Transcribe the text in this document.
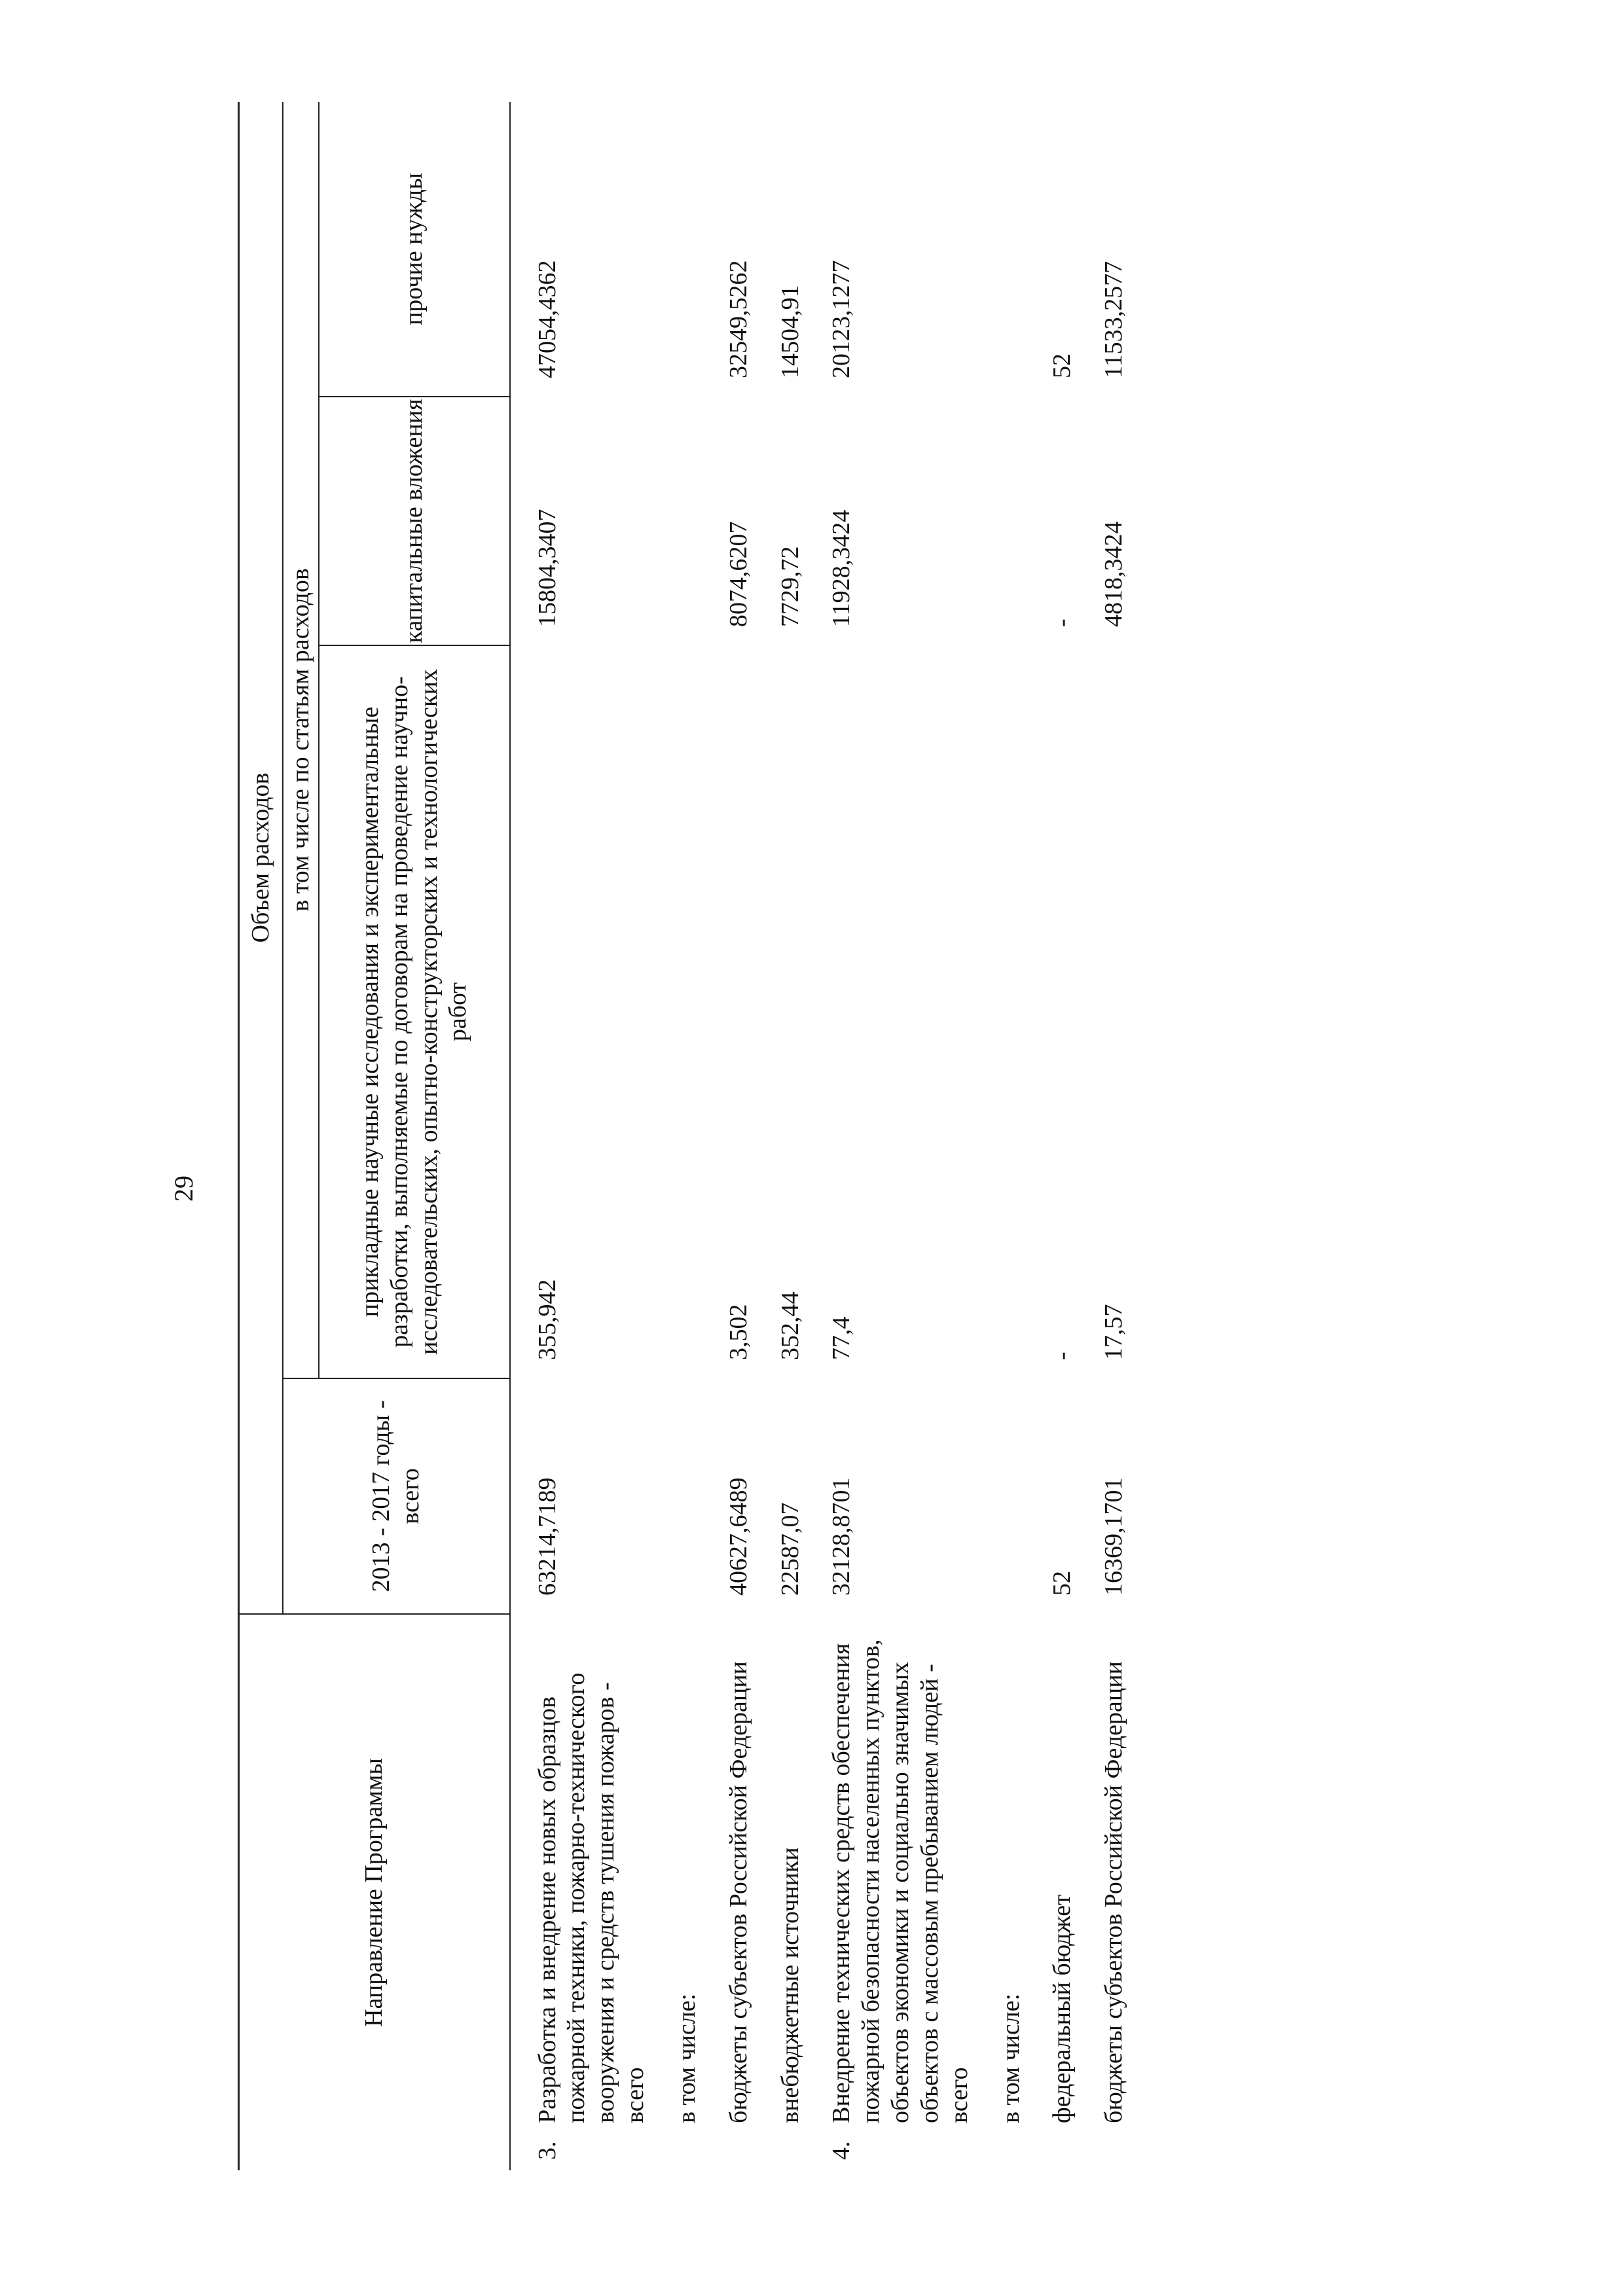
29
Направление Программы		Объем расходов			

		2013 - 2017 годы - всего	в том числе по статьям расходов		

			прикладные научные исследования и экспериментальные разработки, выполняемые по договорам на проведение научно-исследовательских, опытно-конструкторских и технологических работ	капитальные вложения	прочие нужды
3.	Разработка и внедрение новых образцов пожарной техники, пожарно-технического вооружения и средств тушения пожаров - всего	63214,7189	355,942	15804,3407	47054,4362
	в том числе:				
	бюджеты субъектов Российской Федерации	40627,6489	3,502	8074,6207	32549,5262
	внебюджетные источники	22587,07	352,44	7729,72	14504,91
4.	Внедрение технических средств обеспечения пожарной безопасности населенных пунктов, объектов экономики и социально значимых объектов с массовым пребыванием людей - всего	32128,8701	77,4	11928,3424	20123,1277
	в том числе:				
	федеральный бюджет	52	-	-	52
	бюджеты субъектов Российской Федерации	16369,1701	17,57	4818,3424	11533,2577
